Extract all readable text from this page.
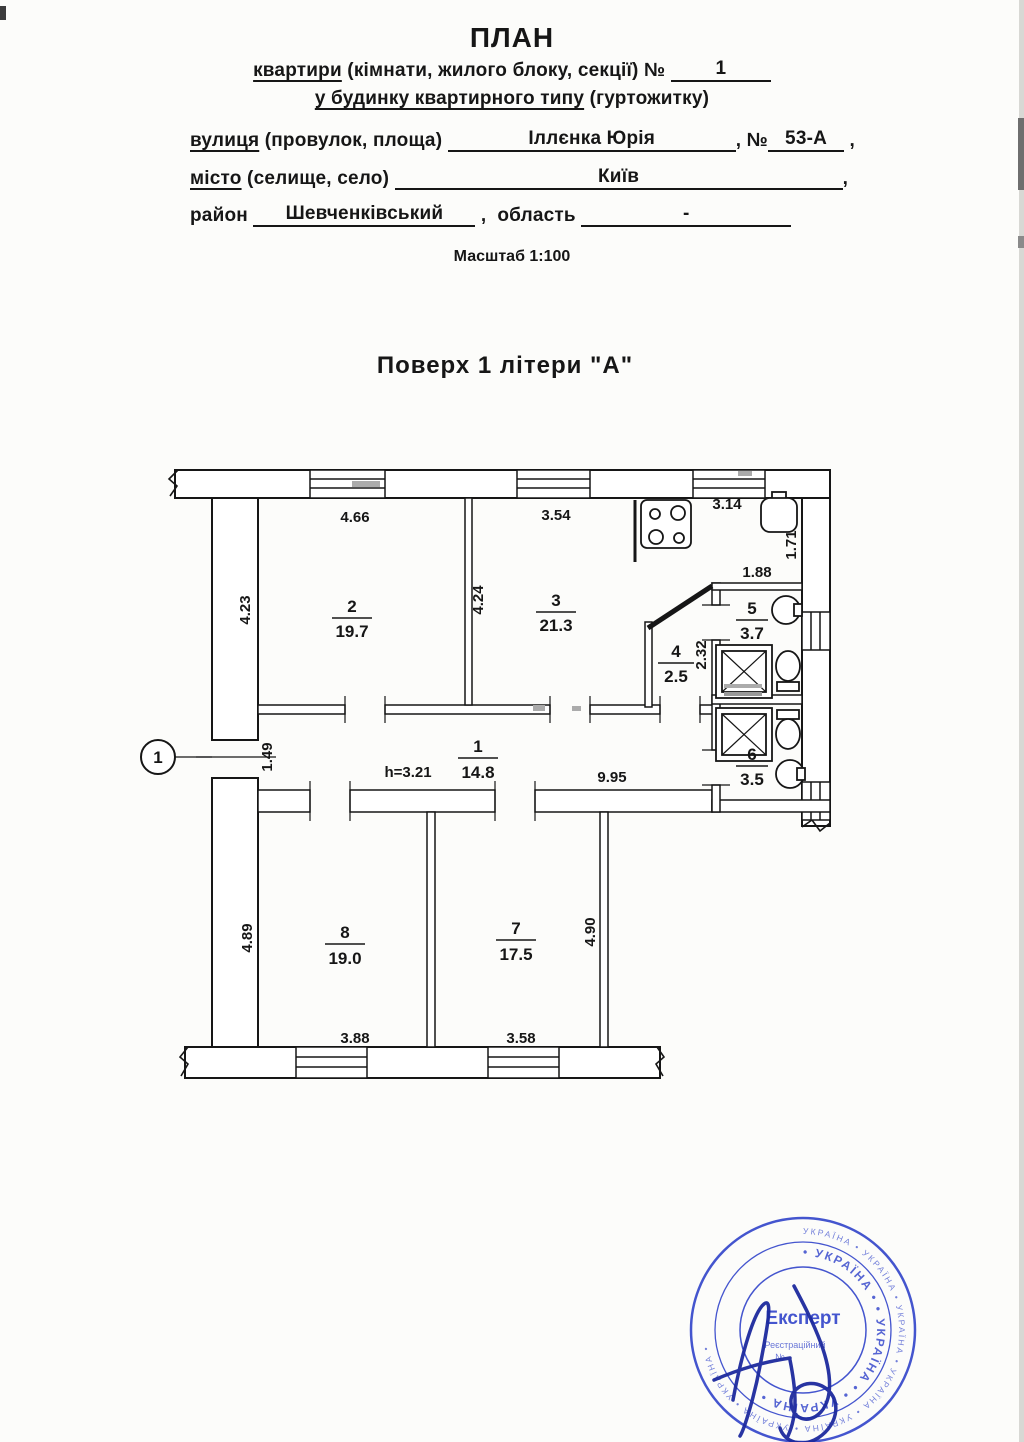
ПЛАН
квартири (кімнати, жилого блоку, секції) № 1
у будинку квартирного типу (гуртожитку)
вулиця (провулок, площа)	Іллєнка Юрія	, № 53-А ,
місто (селище, село)	Київ	,
район Шевченківський , область	-
Масштаб 1:100
Поверх 1 літери "А"
1
2
19.7
3
21.3
4
2.5
5
3.7
6
3.5
1
14.8
7
17.5
8
19.0
4.66	3.54
3.14
1.88
9.95
h=3.21
3.88	3.58
4.23	4.24
1.71
2.32
1.49
4.89	4.90
УКРАЇНА • УКРАЇНА • УКРАЇНА • УКРАЇНА • УКРАЇНА • УКРАЇНА • УКРАЇНА •
• УКРАЇНА • • УКРАЇНА • • УКРАЇНА •
Експерт
Реєстраційний
№
